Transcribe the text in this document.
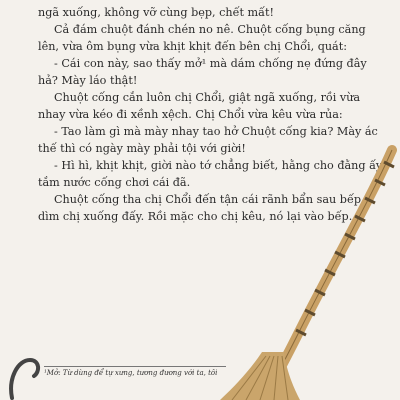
ngã xuống, không vỡ cùng bẹp, chết mất!

Cả đám chuột đánh chén no nê. Chuột cống bụng căng lên, vừa ôm bụng vừa khịt khịt đến bên chị Chổi, quát:

- Cái con này, sao thấy mở¹ mà dám chống nẹ đứng đây hả? Mày láo thật!

Chuột cống cắn luôn chị Chổi, giật ngã xuống, rồi vừa nhay vừa kéo đi xềnh xệch. Chị Chổi vừa kêu vừa rủa:

- Tao làm gì mà mày nhay tao hở Chuột cống kia? Mày ác thế thì có ngày mày phải tội với giời!

- Hì hì, khịt khịt, giời nào tớ chẳng biết, hằng cho đằng ấy tắm nước cống chơi cái đã.

Chuột cống tha chị Chổi đến tận cái rãnh bẩn sau bếp, dìm chị xuống đấy. Rồi mặc cho chị kêu, nó lại vào bếp.

¹Mở: Từ dùng để tự xưng, tương đương với ta, tôi
